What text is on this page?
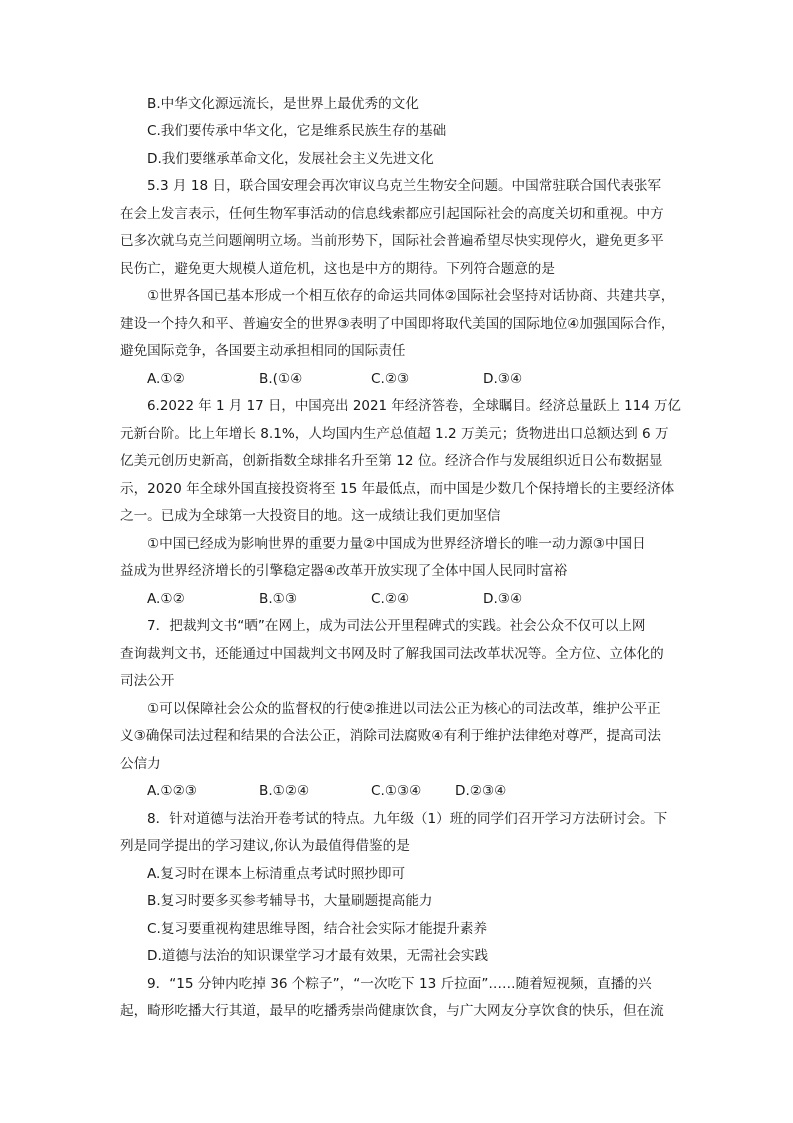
B.中华文化源远流长，是世界上最优秀的文化
C.我们要传承中华文化，它是维系民族生存的基础
D.我们要继承革命文化，发展社会主义先进文化
5.3 月 18 日，联合国安理会再次审议乌克兰生物安全问题。中国常驻联合国代表张军
在会上发言表示，任何生物军事活动的信息线索都应引起国际社会的高度关切和重视。中方
已多次就乌克兰问题阐明立场。当前形势下，国际社会普遍希望尽快实现停火，避免更多平
民伤亡，避免更大规模人道危机，这也是中方的期待。下列符合题意的是
①世界各国已基本形成一个相互依存的命运共同体②国际社会坚持对话协商、共建共享，
建设一个持久和平、普遍安全的世界③表明了中国即将取代美国的国际地位④加强国际合作，
避免国际竞争，各国要主动承担相同的国际责任
A.①②	B.(①④	C.②③	D.③④
6.2022 年 1 月 17 日，中国亮出 2021 年经济答卷，全球瞩目。经济总量跃上 114 万亿
元新台阶。比上年增长 8.1%，人均国内生产总值超 1.2 万美元；货物进出口总额达到 6 万
亿美元创历史新高，创新指数全球排名升至第 12 位。经济合作与发展组织近日公布数据显
示，2020 年全球外国直接投资将至 15 年最低点，而中国是少数几个保持增长的主要经济体
之一。已成为全球第一大投资目的地。这一成绩让我们更加坚信
①中国已经成为影响世界的重要力量②中国成为世界经济增长的唯一动力源③中国日
益成为世界经济增长的引擎稳定器④改革开放实现了全体中国人民同时富裕
A.①②	B.①③	C.②④	D.③④
7．把裁判文书“晒”在网上，成为司法公开里程碑式的实践。社会公众不仅可以上网
查询裁判文书，还能通过中国裁判文书网及时了解我国司法改革状况等。全方位、立体化的
司法公开
①可以保障社会公众的监督权的行使②推进以司法公正为核心的司法改革，维护公平正
义③确保司法过程和结果的合法公正，消除司法腐败④有利于维护法律绝对尊严，提高司法
公信力
A.①②③	B.①②④	C.①③④ D.②③④
8．针对道德与法治开卷考试的特点。九年级（1）班的同学们召开学习方法研讨会。下
列是同学提出的学习建议,你认为最值得借鉴的是
A.复习时在课本上标清重点考试时照抄即可
B.复习时要多买参考辅导书，大量刷题提高能力
C.复习要重视构建思维导图，结合社会实际才能提升素养
D.道德与法治的知识课堂学习才最有效果，无需社会实践
9．“15 分钟内吃掉 36 个粽子”，“一次吃下 13 斤拉面”……随着短视频，直播的兴
起，畸形吃播大行其道，最早的吃播秀崇尚健康饮食，与广大网友分享饮食的快乐，但在流
